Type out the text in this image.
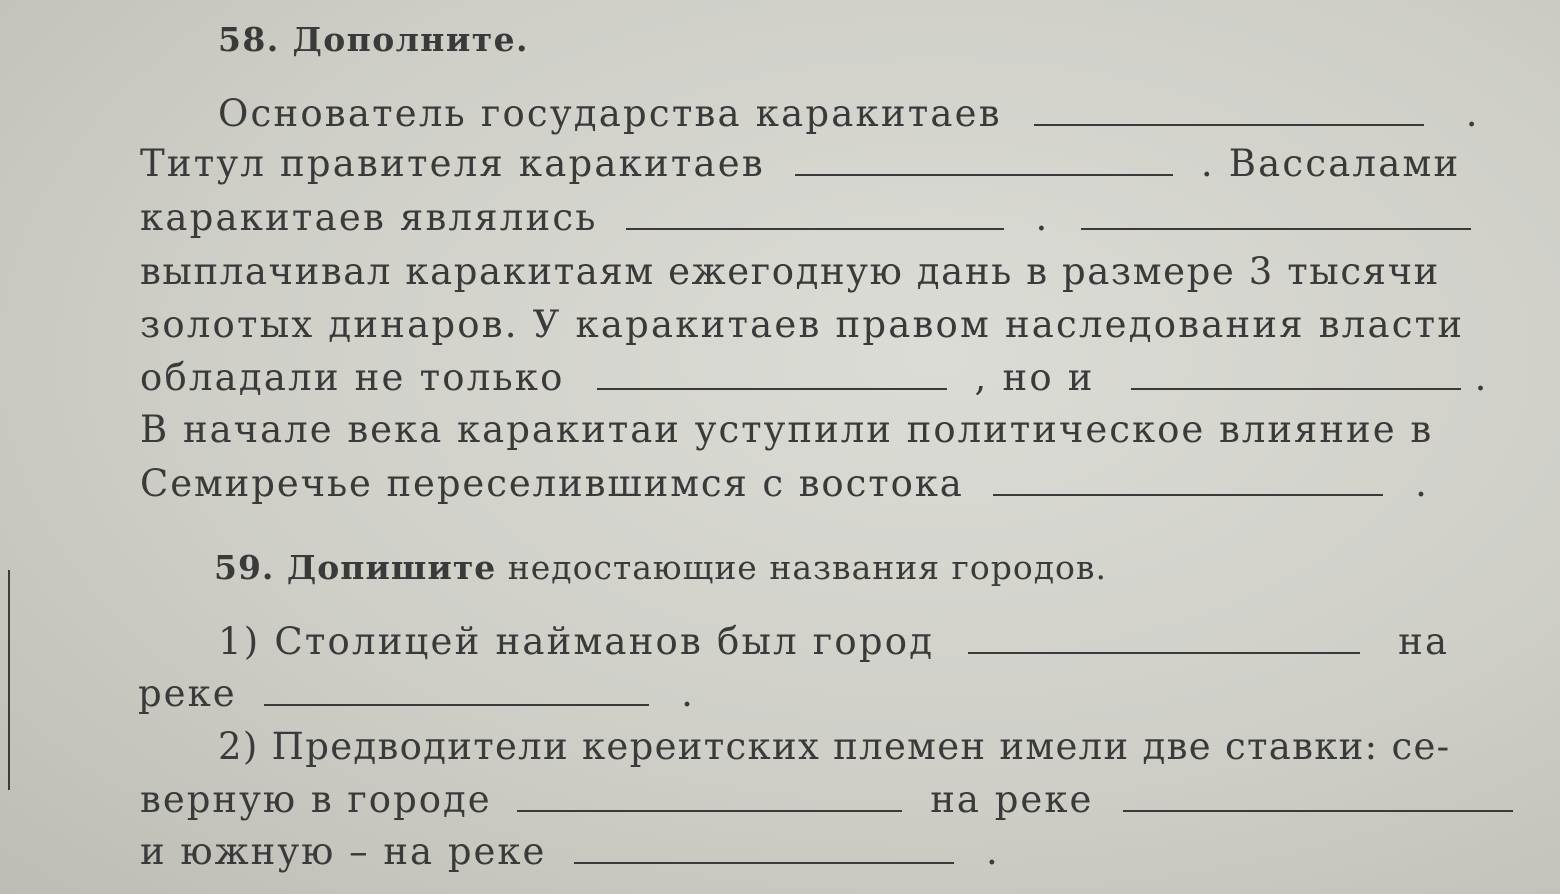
58. Дополните.
Основатель государства каракитаев	.
Титул правителя каракитаев	. Вассалами
каракитаев являлись	.
выплачивал каракитаям ежегодную дань в размере 3 тысячи
золотых динаров. У каракитаев правом наследования власти
обладали не только	, но и	.
В начале века каракитаи уступили политическое влияние в
Семиречье переселившимся с востока	.
59. Допишите недостающие названия городов.
1) Столицей найманов был город	на
реке	.
2) Предводители кереитских племен имели две ставки: се-
верную в городе	на реке
и южную – на реке	.
